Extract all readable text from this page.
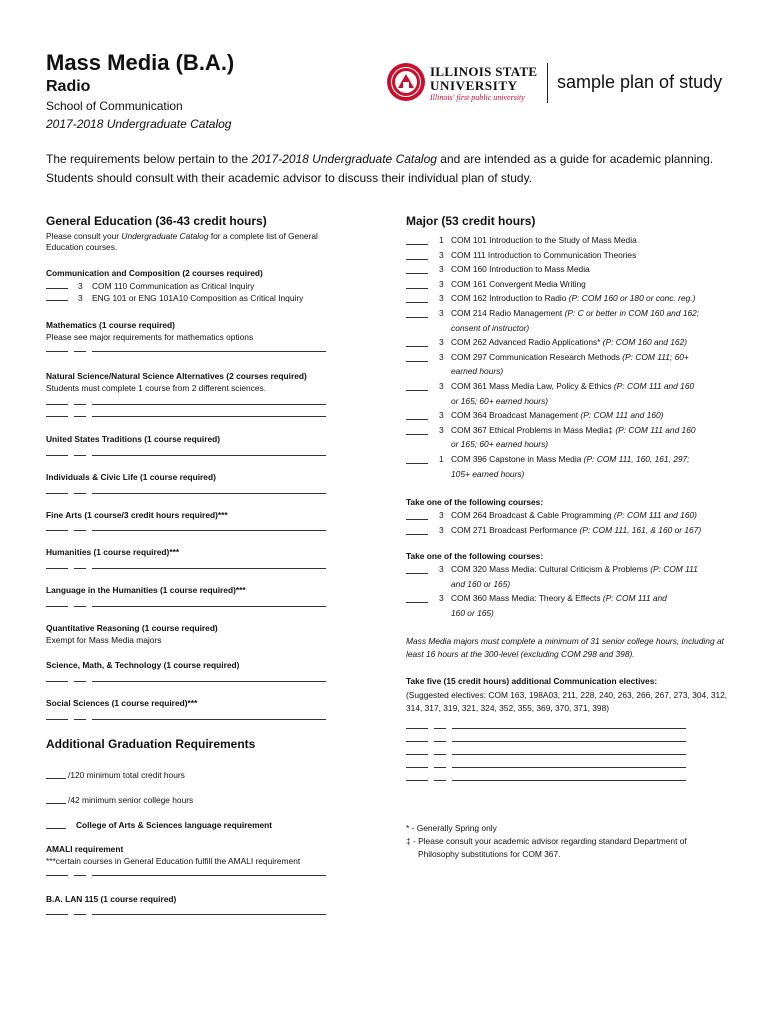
Mass Media (B.A.)
Radio
School of Communication
2017-2018 Undergraduate Catalog
ILLINOIS STATE
UNIVERSITY
Illinois' first public university
sample plan of study
The requirements below pertain to the 2017-2018 Undergraduate Catalog and are intended as a guide for academic planning. Students should consult with their academic advisor to discuss their individual plan of study.
General Education (36-43 credit hours)
Please consult your Undergraduate Catalog for a complete list of General Education courses.
Communication and Composition (2 courses required)
3 COM 110 Communication as Critical Inquiry
3 ENG 101 or ENG 101A10 Composition as Critical Inquiry
Mathematics (1 course required)
Please see major requirements for mathematics options
Natural Science/Natural Science Alternatives (2 courses required)
Students must complete 1 course from 2 different sciences.
United States Traditions (1 course required)
Individuals & Civic Life (1 course required)
Fine Arts (1 course/3 credit hours required)***
Humanities (1 course required)***
Language in the Humanities (1 course required)***
Quantitative Reasoning (1 course required)
Exempt for Mass Media majors
Science, Math, & Technology (1 course required)
Social Sciences (1 course required)***
Additional Graduation Requirements
/120 minimum total credit hours
/42 minimum senior college hours
College of Arts & Sciences language requirement
AMALI requirement
***certain courses in General Education fulfill the AMALI requirement
B.A. LAN 115 (1 course required)
Major (53 credit hours)
1 COM 101 Introduction to the Study of Mass Media
3 COM 111 Introduction to Communication Theories
3 COM 160 Introduction to Mass Media
3 COM 161 Convergent Media Writing
3 COM 162 Introduction to Radio (P: COM 160 or 180 or conc. reg.)
3 COM 214 Radio Management (P: C or better in COM 160 and 162;
consent of instructor)
3 COM 262 Advanced Radio Applications* (P: COM 160 and 162)
3 COM 297 Communication Research Methods (P: COM 111; 60+
earned hours)
3 COM 361 Mass Media Law, Policy & Ethics (P: COM 111 and 160
or 165; 60+ earned hours)
3 COM 364 Broadcast Management (P: COM 111 and 160)
3 COM 367 Ethical Problems in Mass Media‡ (P: COM 111 and 160
or 165; 60+ earned hours)
1 COM 396 Capstone in Mass Media (P: COM 111, 160, 161, 297;
105+ earned hours)
Take one of the following courses:
3 COM 264 Broadcast & Cable Programming (P: COM 111 and 160)
3 COM 271 Broadcast Performance (P: COM 111, 161, & 160 or 167)
Take one of the following courses:
3 COM 320 Mass Media: Cultural Criticism & Problems (P: COM 111
and 160 or 165)
3 COM 360 Mass Media: Theory & Effects (P: COM 111 and
160 or 165)
Mass Media majors must complete a minimum of 31 senior college hours, including at least 16 hours at the 300-level (excluding COM 298 and 398).
Take five (15 credit hours) additional Communication electives:
(Suggested electives: COM 163, 198A03, 211, 228, 240, 263, 266, 267, 273, 304, 312, 314, 317, 319, 321, 324, 352, 355, 369, 370, 371, 398)
* - Generally Spring only
‡ - Please consult your academic advisor regarding standard Department of
Philosophy substitutions for COM 367.
